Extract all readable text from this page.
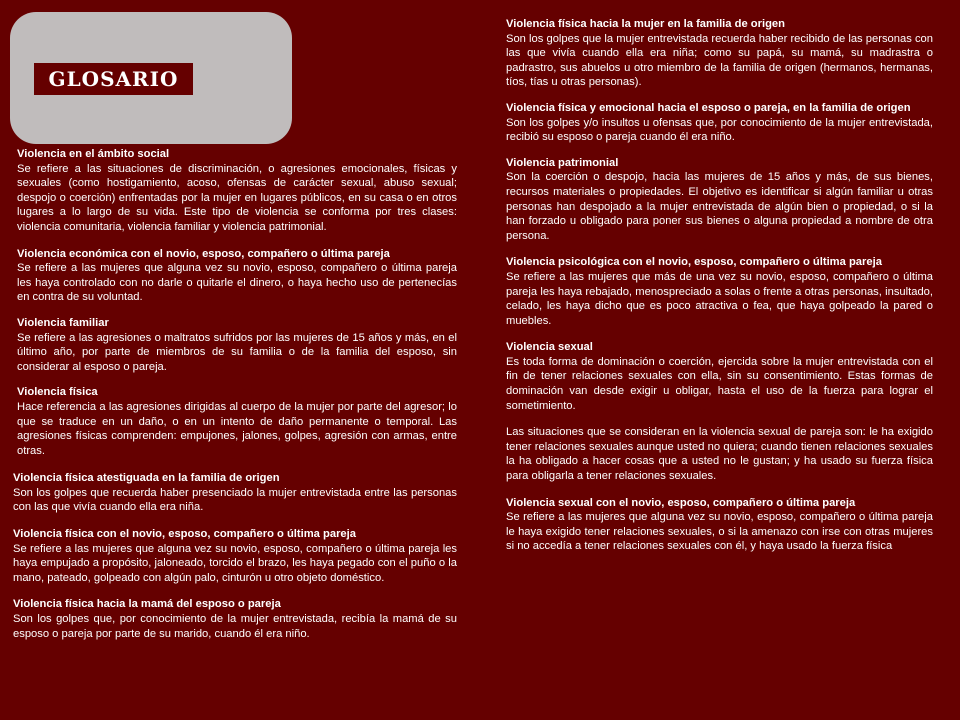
GLOSARIO

Violencia en el ámbito social

Se refiere a las situaciones de discriminación, o agresiones emocionales, físicas y sexuales (como hostigamiento, acoso, ofensas de carácter sexual, abuso sexual; despojo o coerción) enfrentadas por la mujer en lugares públicos, en su casa o en otros lugares a lo largo de su vida. Este tipo de violencia se conforma por tres clases: violencia comunitaria, violencia familiar y violencia patrimonial.

Violencia económica con el novio, esposo, compañero o última pareja

Se refiere a las mujeres que alguna vez su novio, esposo, compañero o última pareja les haya controlado con no darle o quitarle el dinero, o haya hecho uso de pertenecías en contra de su voluntad.

Violencia familiar

Se refiere a las agresiones o maltratos sufridos por las mujeres de 15 años y más, en el último año, por parte de miembros de su familia o de la familia del esposo, sin considerar al esposo o pareja.

Violencia física

Hace referencia a las agresiones dirigidas al cuerpo de la mujer por parte del agresor; lo que se traduce en un daño, o en un intento de daño permanente o temporal. Las agresiones físicas comprenden: empujones, jalones, golpes, agresión con armas, entre otras.

Violencia física atestiguada en la familia de origen

Son los golpes que recuerda haber presenciado la mujer entrevistada entre las personas con las que vivía cuando ella era niña.

Violencia física con el novio, esposo, compañero o última pareja

Se refiere a las mujeres que alguna vez su novio, esposo, compañero o última pareja les haya empujado a propósito, jaloneado, torcido el brazo, les haya pegado con el puño o la mano, pateado, golpeado con algún palo, cinturón u otro objeto doméstico.

Violencia física hacia la mamá del esposo o pareja

Son los golpes que, por conocimiento de la mujer entrevistada, recibía la mamá de su esposo o pareja por parte de su marido, cuando él era niño.

Violencia física hacia la mujer en la familia de origen

Son los golpes que la mujer entrevistada recuerda haber recibido de las personas con las que vivía cuando ella era niña; como su papá, su mamá, su madrastra o padrastro, sus abuelos u otro miembro de la familia de origen (hermanos, hermanas, tíos, tías u otras personas).

Violencia física y emocional hacia el esposo o pareja, en la familia de origen

Son los golpes y/o insultos u ofensas que, por conocimiento de la mujer entrevistada, recibió su esposo o pareja cuando él era niño.

Violencia patrimonial

Son la coerción o despojo, hacia las mujeres de 15 años y más, de sus bienes, recursos materiales o propiedades. El objetivo es identificar si algún familiar u otras personas han despojado a la mujer entrevistada de algún bien o propiedad, o si la han forzado u obligado para poner sus bienes o alguna propiedad a nombre de otra persona.

Violencia psicológica con el novio, esposo, compañero o última pareja

Se refiere a las mujeres que más de una vez su novio, esposo, compañero o última pareja les haya rebajado, menospreciado a solas o frente a otras personas, insultado, celado, les haya dicho que es poco atractiva o fea, que haya golpeado la pared o muebles.

Violencia sexual

Es toda forma de dominación o coerción, ejercida sobre la mujer entrevistada con el fin de tener relaciones sexuales con ella, sin su consentimiento. Estas formas de dominación van desde exigir u obligar, hasta el uso de la fuerza para lograr el sometimiento.

Las situaciones que se consideran en la violencia sexual de pareja son: le ha exigido tener relaciones sexuales aunque usted no quiera; cuando tienen relaciones sexuales la ha obligado a hacer cosas que a usted no le gustan; y ha usado su fuerza física para obligarla a tener relaciones sexuales.

Violencia sexual con el novio, esposo, compañero o última pareja

Se refiere a las mujeres que alguna vez su novio, esposo, compañero o última pareja le haya exigido tener relaciones sexuales, o si la amenazo con irse con otras mujeres si no accedía a tener relaciones sexuales con él, y haya usado la fuerza física
